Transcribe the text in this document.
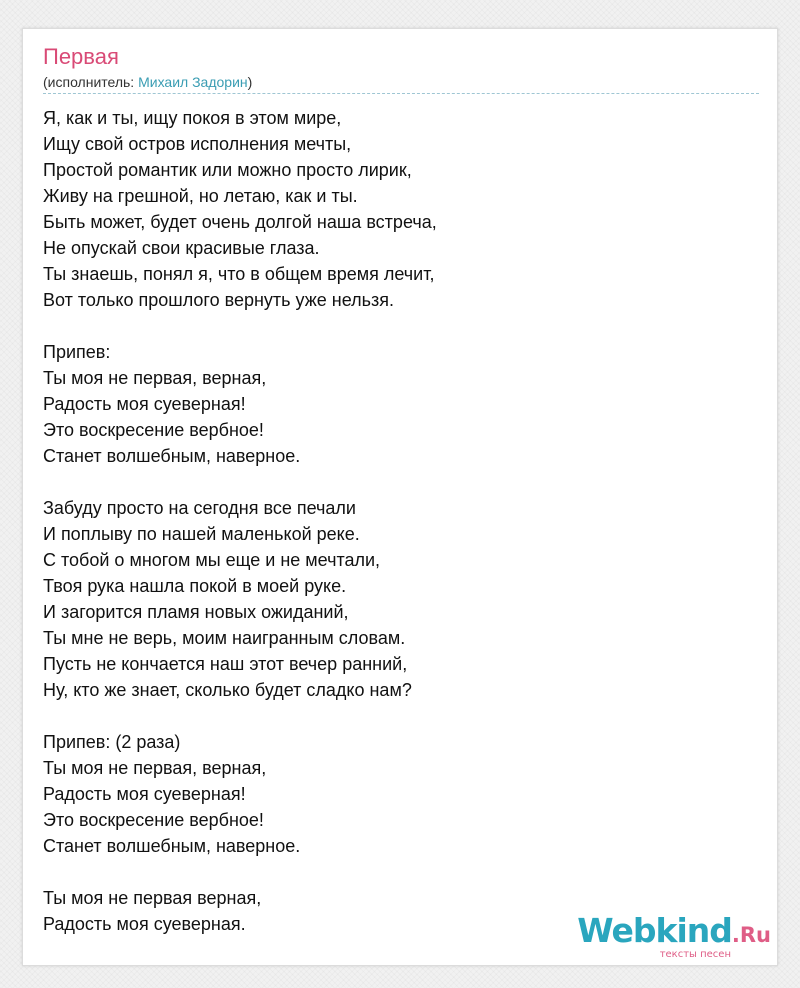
Первая
(исполнитель: Михаил Задорин)
Я, как и ты, ищу покоя в этом мире,
Ищу свой остров исполнения мечты,
Простой романтик или можно просто лирик,
Живу на грешной, но летаю, как и ты.
Быть может, будет очень долгой наша встреча,
Не опускай свои красивые глаза.
Ты знаешь, понял я, что в общем время лечит,
Вот только прошлого вернуть уже нельзя.
Припев:
Ты моя не первая, верная,
Радость моя суеверная!
Это воскресение вербное!
Станет волшебным, наверное.
Забуду просто на сегодня все печали
И поплыву по нашей маленькой реке.
С тобой о многом мы еще и не мечтали,
Твоя рука нашла покой в моей руке.
И загорится пламя новых ожиданий,
Ты мне не верь, моим наигранным словам.
Пусть не кончается наш этот вечер ранний,
Ну, кто же знает, сколько будет сладко нам?
Припев: (2 раза)
Ты моя не первая, верная,
Радость моя суеверная!
Это воскресение вербное!
Станет волшебным, наверное.
Ты моя не первая верная,
Радость моя суеверная.	Webkind.Ru
тексты песен
